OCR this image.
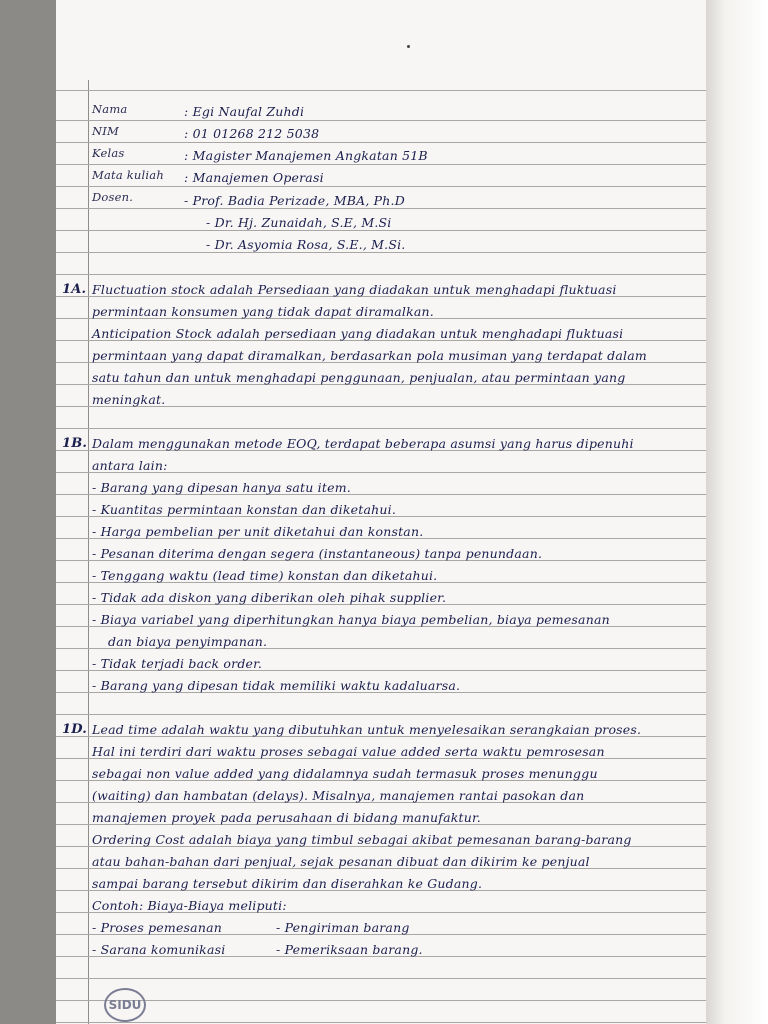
Nama	: Egi Naufal Zuhdi
NIM	: 01 01268 212 5038
Kelas	: Magister Manajemen Angkatan 51B
Mata kuliah : Manajemen Operasi
Dosen.	- Prof. Badia Perizade, MBA, Ph.D
- Dr. Hj. Zunaidah, S.E, M.Si
- Dr. Asyomia Rosa, S.E., M.Si.
1A. Fluctuation stock adalah Persediaan yang diadakan untuk menghadapi fluktuasi
permintaan konsumen yang tidak dapat diramalkan.
Anticipation Stock adalah persediaan yang diadakan untuk menghadapi fluktuasi
permintaan yang dapat diramalkan, berdasarkan pola musiman yang terdapat dalam
satu tahun dan untuk menghadapi penggunaan, penjualan, atau permintaan yang
meningkat.
1B. Dalam menggunakan metode EOQ, terdapat beberapa asumsi yang harus dipenuhi
antara lain:
- Barang yang dipesan hanya satu item.
- Kuantitas permintaan konstan dan diketahui.
- Harga pembelian per unit diketahui dan konstan.
- Pesanan diterima dengan segera (instantaneous) tanpa penundaan.
- Tenggang waktu (lead time) konstan dan diketahui.
- Tidak ada diskon yang diberikan oleh pihak supplier.
- Biaya variabel yang diperhitungkan hanya biaya pembelian, biaya pemesanan
dan biaya penyimpanan.
- Tidak terjadi back order.
- Barang yang dipesan tidak memiliki waktu kadaluarsa.
1D. Lead time adalah waktu yang dibutuhkan untuk menyelesaikan serangkaian proses.
Hal ini terdiri dari waktu proses sebagai value added serta waktu pemrosesan
sebagai non value added yang didalamnya sudah termasuk proses menunggu
(waiting) dan hambatan (delays). Misalnya, manajemen rantai pasokan dan
manajemen proyek pada perusahaan di bidang manufaktur.
Ordering Cost adalah biaya yang timbul sebagai akibat pemesanan barang-barang
atau bahan-bahan dari penjual, sejak pesanan dibuat dan dikirim ke penjual
sampai barang tersebut dikirim dan diserahkan ke Gudang.
Contoh: Biaya-Biaya meliputi:
- Proses pemesanan	- Pengiriman barang
- Sarana komunikasi	- Pemeriksaan barang.
SIDU
